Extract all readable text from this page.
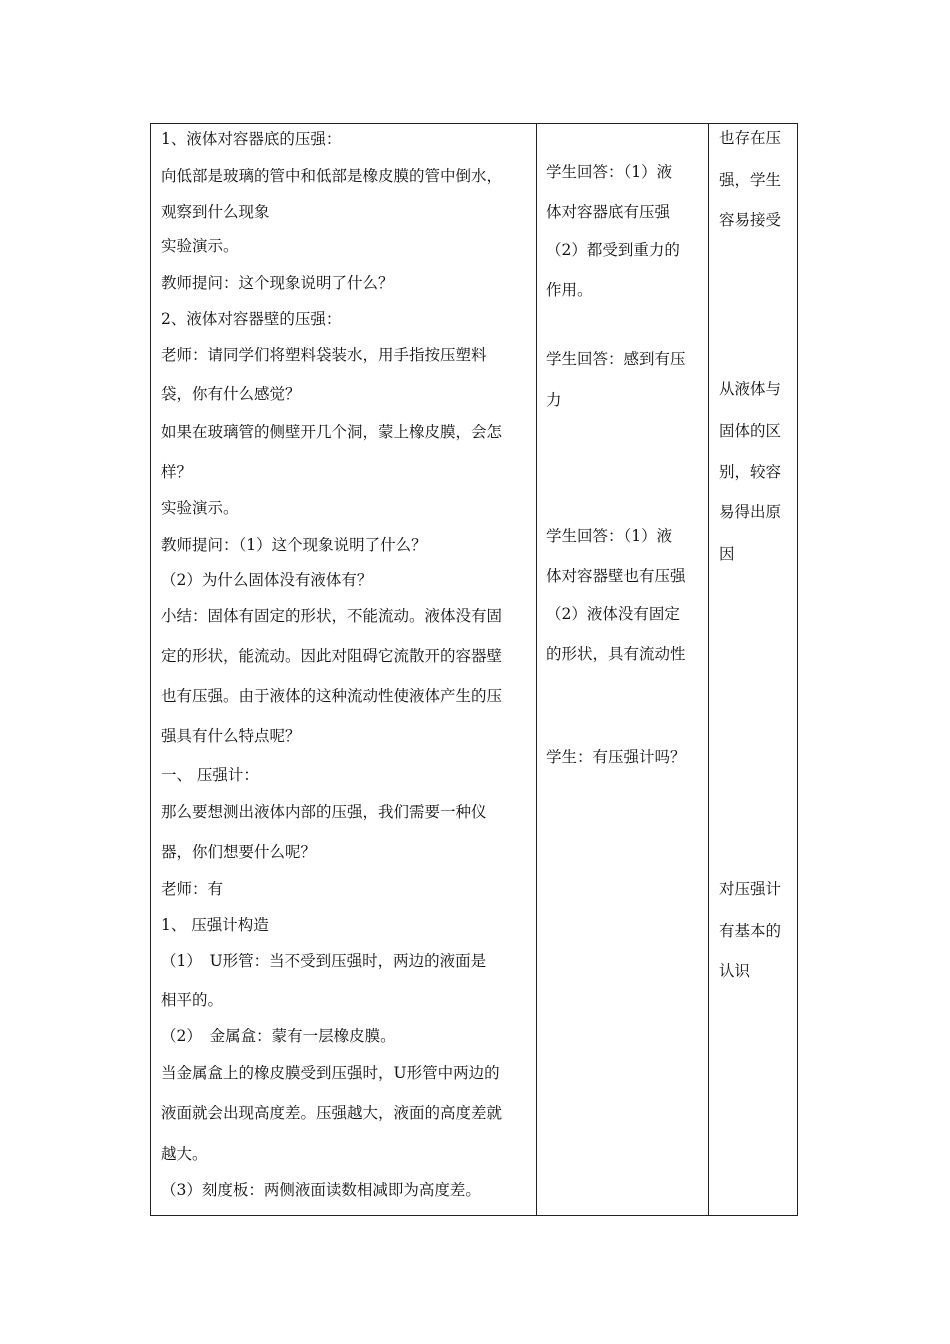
1、液体对容器底的压强：
向低部是玻璃的管中和低部是橡皮膜的管中倒水，
观察到什么现象
实验演示。
教师提问：这个现象说明了什么？
2、液体对容器壁的压强：
老师：请同学们将塑料袋装水，用手指按压塑料
袋，你有什么感觉？
如果在玻璃管的侧壁开几个洞，蒙上橡皮膜，会怎
样？
实验演示。
教师提问：（1）这个现象说明了什么？
（2）为什么固体没有液体有？
小结：固体有固定的形状，不能流动。液体没有固
定的形状，能流动。因此对阻碍它流散开的容器壁
也有压强。由于液体的这种流动性使液体产生的压
强具有什么特点呢？
一、 压强计：
那么要想测出液体内部的压强，我们需要一种仪
器，你们想要什么呢？
老师：有
1、 压强计构造
（1）　U形管：当不受到压强时，两边的液面是
相平的。
（2）　金属盒：蒙有一层橡皮膜。
当金属盒上的橡皮膜受到压强时，U形管中两边的
液面就会出现高度差。压强越大，液面的高度差就
越大。
（3）刻度板：两侧液面读数相减即为高度差。
学生回答：（1）液
体对容器底有压强
（2）都受到重力的
作用。
学生回答：感到有压
力
学生回答：（1）液
体对容器壁也有压强
（2）液体没有固定
的形状，具有流动性
学生：有压强计吗？
也存在压
强，学生
容易接受
从液体与
固体的区
别，较容
易得出原
因
对压强计
有基本的
认识
